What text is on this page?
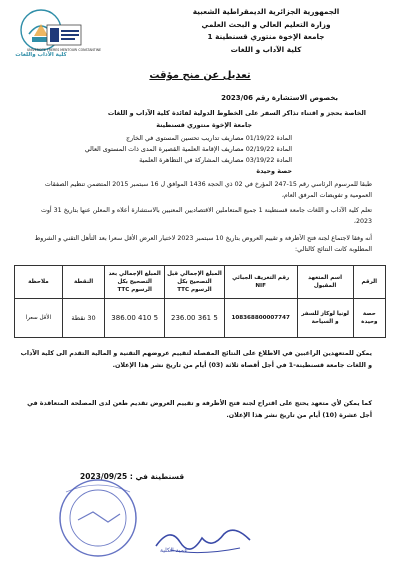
كلية الآداب واللغات
UNIVERSITE FRERES MENTOURI CONSTANTINE
الجمهورية الجزائرية الديمقراطية الشعبية
وزارة التعليم العالي و البحث العلمي
جامعة الإخوة منتوري قسنطينة 1
كلية الآداب و اللغات
تعديل عن منح مؤقت
بخصوص الاستشارة رقم 2023/06
الخاصة بحجز و اقتناء تذاكر السفر على الخطوط الدولية لفائدة كلية الآداب و اللغات
جامعة الإخوة منتوري قسنطينة
المادة 01/19/22 مصاريف تداريب تحسين المستوى في الخارج
المادة 02/19/22 مصاريف الإقامة العلمية القصيرة المدى ذات المستوى العالي
المادة 03/19/22 مصاريف المشاركة في التظاهرة العلمية
حصة وحيدة
طبقا للمرسوم الرئاسي رقم 15-247 المؤرخ في 02 ذي الحجة 1436 الموافق ل 16 سبتمبر 2015 المتضمن تنظيم الصفقات العمومية و تفويضات المرفق العام،
تعلم كلية الآداب و اللغات جامعة قسنطينة 1 جميع المتعاملين الاقتصاديين المعنيين بالاستشارة أعلاه و المعلن عنها بتاريخ 31 أوت 2023،
أنه وفقا لاجتماع لجنة فتح الأظرفة و تقييم العروض بتاريخ 10 سبتمبر 2023 لاختيار العرض الأقل سعرا بعد التأهل التقني و الشروط المطلوبة كانت النتائج كالتالي:
الرقم	اسم المتعهد المقبول	رقم التعريف الجبائي NIF	المبلغ الإجمالي قبل التصحيح بكل الرسوم TTC	المبلغ الإجمالي بعد التصحيح بكل الرسوم TTC	النقطة	ملاحظة
حصة وحيدة	لونيا لوكاز للسفر و السياحة	108368800007747	5 361 236.00	5 410 386.00	30 نقطة	الأقل سعرا
يمكن للمتعهدين الراغبين في الاطلاع على النتائج المفصلة لتقييم عروضهم التقنية و المالية التقدم الى كلية الآداب و اللغات جامعة قسنطينة-1 في أجل أقصاه ثلاثة (03) أيام من تاريخ نشر هذا الإعلان.
كما يمكن لأي متعهد يحتج على اقتراح لجنة فتح الأظرفة و تقييم العروض تقديم طعن لدى المصلحة المتعاقدة في أجل عشرة (10) أيام من تاريخ نشر هذا الإعلان.
قسنطينة في : 2023/09/25
عميد الكلية
